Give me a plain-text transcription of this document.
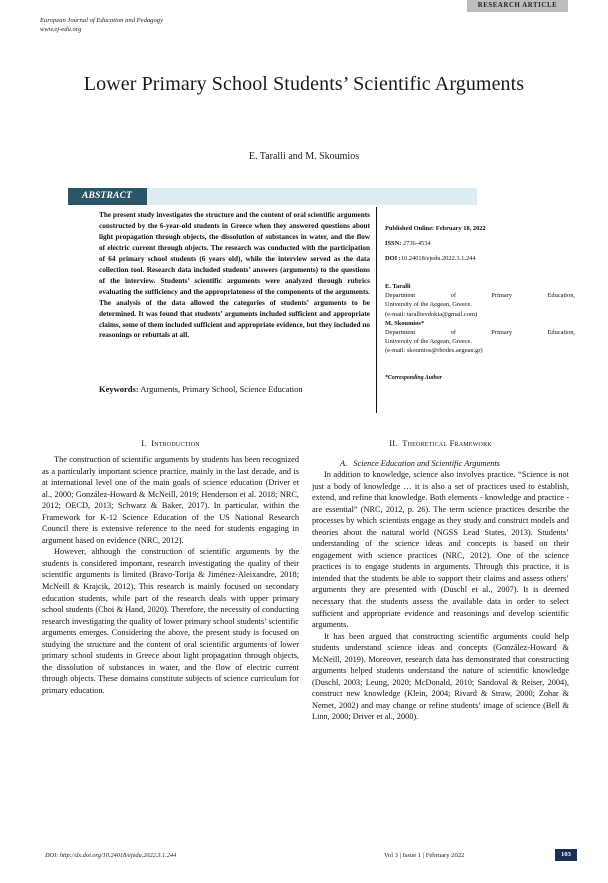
RESEARCH ARTICLE
European Journal of Education and Pedagogy
www.ej-edu.org
Lower Primary School Students’ Scientific Arguments
E. Taralli and M. Skoumios
ABSTRACT
The present study investigates the structure and the content of oral scientific arguments constructed by the 6-year-old students in Greece when they answered questions about light propagation through objects, the dissolution of substances in water, and the flow of electric current through objects. The research was conducted with the participation of 64 primary school students (6 years old), while the interview served as the data collection tool. Research data included students’ answers (arguments) to the questions of the interview. Students’ scientific arguments were analyzed through rubrics evaluating the sufficiency and the appropriateness of the components of the arguments. The analysis of the data allowed the categories of students’ arguments to be determined. It was found that students’ arguments included sufficient and appropriate claims, some of them included sufficient and appropriate evidence, but they included no reasonings or rebuttals at all.
Published Online: February 18, 2022
ISSN: 2736-4534
DOI :10.24018/ejedu.2022.3.1.244
E. Taralli
Department of Primary Education,
University of the Aegean, Greece.
(e-mail: tarallievdokia@gmail.com)
M. Skoumios*
Department of Primary Education,
University of the Aegean, Greece.
(e-mail: skoumios@rhodes.aegean.gr)
*Corresponding Author
Keywords: Arguments, Primary School, Science Education
I. Introduction

The construction of scientific arguments by students has been recognized as a particularly important science practice, mainly in the last decade, and is at international level one of the main goals of science education (Driver et al., 2000; González-Howard & McNeill, 2019; Henderson et al. 2018; NRC, 2012; OECD, 2013; Schwarz & Baker, 2017). In particular, within the Framework for K-12 Science Education of the US National Research Council there is extensive reference to the need for students engaging in argument based on evidence (NRC, 2012).

However, although the construction of scientific arguments by the students is considered important, research investigating the quality of their scientific arguments is limited (Bravo-Torija & Jiménez-Aleixandre, 2018; McNeill & Krajcik, 2012). This research is mainly focused on secondary education students, while part of the research deals with upper primary school students (Choi & Hand, 2020). Therefore, the necessity of conducting research investigating the quality of lower primary school students’ scientific arguments emerges. Considering the above, the present study is focused on studying the structure and the content of oral scientific arguments of lower primary school students in Greece about light propagation through objects, the dissolution of substances in water, and the flow of electric current through objects. These domains constitute subjects of science curriculum for primary education.

II. Theoretical Framework
A.   Science Education and Scientific Arguments

In addition to knowledge, science also involves practice. “Science is not just a body of knowledge … it is also a set of practices used to establish, extend, and refine that knowledge. Both elements - knowledge and practice - are essential” (NRC, 2012, p. 26). The term science practices describe the processes by which scientists engage as they study and construct models and theories about the natural world (NGSS Lead States, 2013). Students’ understanding of the science ideas and concepts is based on their engagement with science practices (NRC, 2012). One of the science practices is to engage students in arguments. Through this practice, it is intended that the students be able to support their claims and assess others’ arguments they are presented with (Duschl et al., 2007). It is deemed necessary that the students assess the available data in order to select sufficient and appropriate evidence and reasonings and develop scientific arguments.

It has been argued that constructing scientific arguments could help students understand science ideas and concepts (González-Howard & McNeill, 2019). Moreover, research data has demonstrated that constructing arguments helped students understand the nature of scientific knowledge (Duschl, 2003; Leung, 2020; McDonald, 2010; Sandoval & Reiser, 2004), construct new knowledge (Klein, 2004; Rivard & Straw, 2000; Zohar & Nemet, 2002) and may change or refine students’ image of science (Bell & Linn, 2000; Driver et al., 2000).

DOI: http://dx.doi.org/10.24018/ejedu.2022.3.1.244	Vol 3 | Issue 1 | February 2022	103
